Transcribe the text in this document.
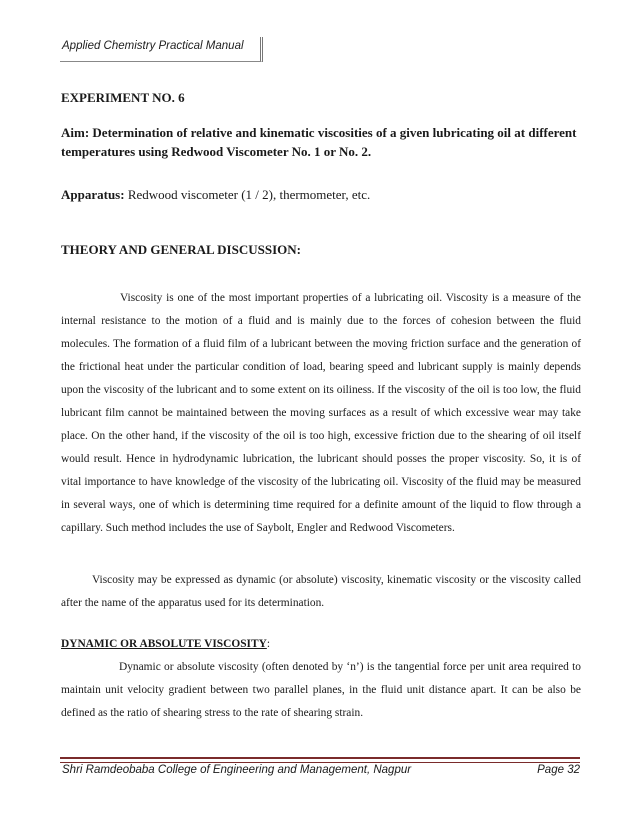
Applied Chemistry Practical Manual
EXPERIMENT NO. 6
Aim: Determination of relative and kinematic viscosities of a given lubricating oil at different temperatures using Redwood Viscometer No. 1 or No. 2.
Apparatus: Redwood viscometer (1 / 2), thermometer, etc.
THEORY AND GENERAL DISCUSSION:
Viscosity is one of the most important properties of a lubricating oil. Viscosity is a measure of the internal resistance to the motion of a fluid and is mainly due to the forces of cohesion between the fluid molecules. The formation of a fluid film of a lubricant between the moving friction surface and the generation of the frictional heat under the particular condition of load, bearing speed and lubricant supply is mainly depends upon the viscosity of the lubricant and to some extent on its oiliness. If the viscosity of the oil is too low, the fluid lubricant film cannot be maintained between the moving surfaces as a result of which excessive wear may take place. On the other hand, if the viscosity of the oil is too high, excessive friction due to the shearing of oil itself would result. Hence in hydrodynamic lubrication, the lubricant should posses the proper viscosity. So, it is of vital importance to have knowledge of the viscosity of the lubricating oil. Viscosity of the fluid may be measured in several ways, one of which is determining time required for a definite amount of the liquid to flow through a capillary. Such method includes the use of Saybolt, Engler and Redwood Viscometers.
Viscosity may be expressed as dynamic (or absolute) viscosity, kinematic viscosity or the viscosity called after the name of the apparatus used for its determination.
DYNAMIC OR ABSOLUTE VISCOSITY:
Dynamic or absolute viscosity (often denoted by ‘n’) is the tangential force per unit area required to maintain unit velocity gradient between two parallel planes, in the fluid unit distance apart. It can be also be defined as the ratio of shearing stress to the rate of shearing strain.
Shri Ramdeobaba College of Engineering and Management, Nagpur	Page 32
